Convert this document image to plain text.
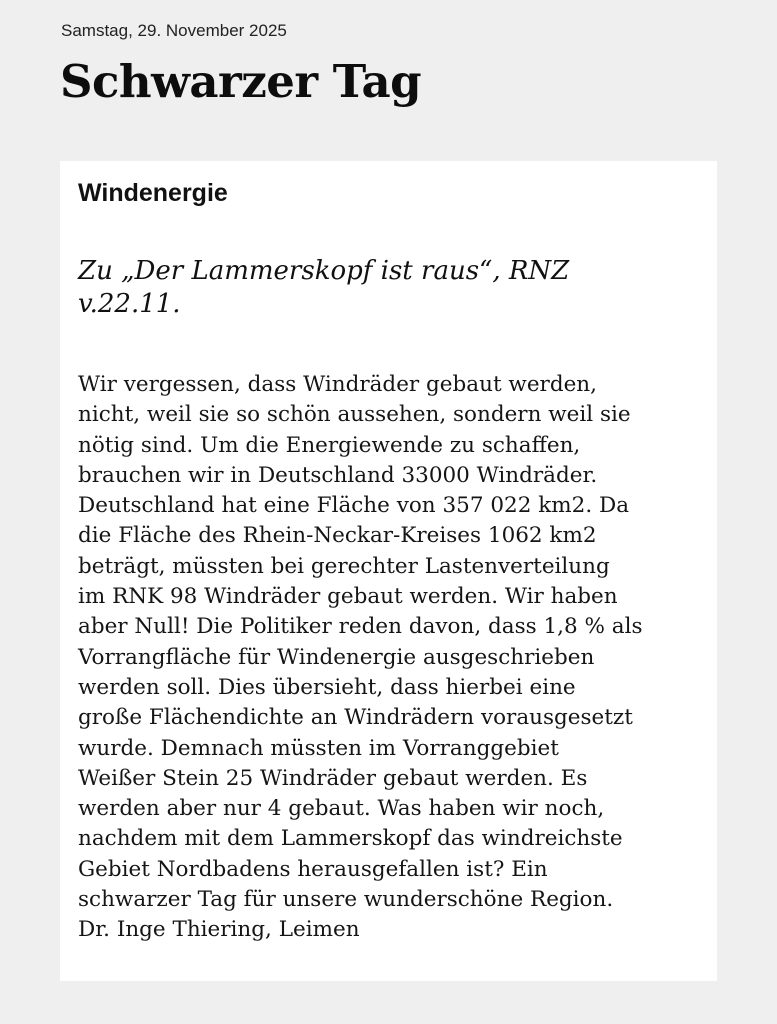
Samstag, 29. November 2025
Schwarzer Tag
Windenergie
Zu „Der Lammerskopf ist raus“, RNZ
v.22.11.
Wir vergessen, dass Windräder gebaut werden,
nicht, weil sie so schön aussehen, sondern weil sie
nötig sind. Um die Energiewende zu schaffen,
brauchen wir in Deutschland 33000 Windräder.
Deutschland hat eine Fläche von 357 022 km2. Da
die Fläche des Rhein-Neckar-Kreises 1062 km2
beträgt, müssten bei gerechter Lastenverteilung
im RNK 98 Windräder gebaut werden. Wir haben
aber Null! Die Politiker reden davon, dass 1,8 % als
Vorrangfläche für Windenergie ausgeschrieben
werden soll. Dies übersieht, dass hierbei eine
große Flächendichte an Windrädern vorausgesetzt
wurde. Demnach müssten im Vorranggebiet
Weißer Stein 25 Windräder gebaut werden. Es
werden aber nur 4 gebaut. Was haben wir noch,
nachdem mit dem Lammerskopf das windreichste
Gebiet Nordbadens herausgefallen ist? Ein
schwarzer Tag für unsere wunderschöne Region.
Dr. Inge Thiering, Leimen
